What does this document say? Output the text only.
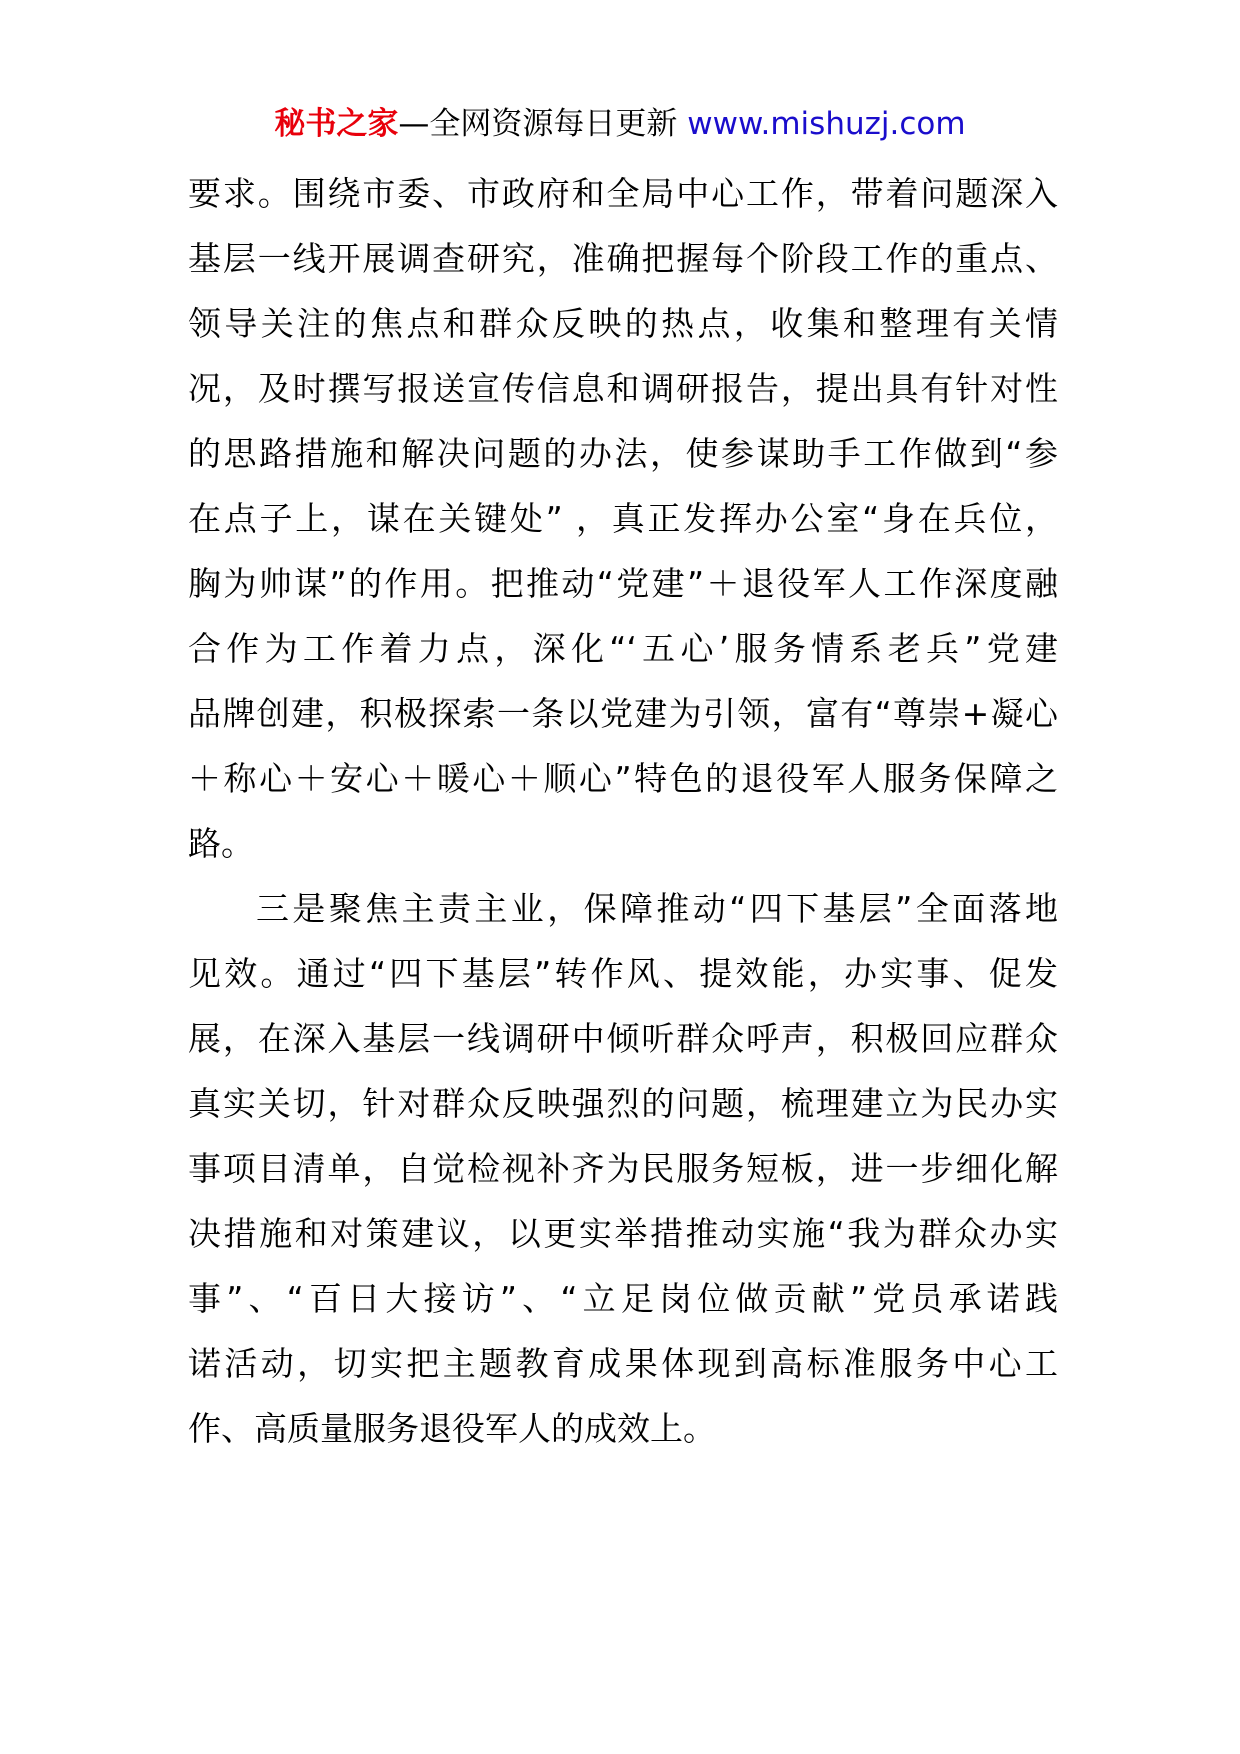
秘书之家—全网资源每日更新 www.mishuzj.com
要求。围绕市委、市政府和全局中心工作，带着问题深入
基层一线开展调查研究，准确把握每个阶段工作的重点、
领导关注的焦点和群众反映的热点，收集和整理有关情
况，及时撰写报送宣传信息和调研报告，提出具有针对性
的思路措施和解决问题的办法，使参谋助手工作做到“参
在点子上，谋在关键处” ，真正发挥办公室“身在兵位，
胸为帅谋”的作用。把推动“党建”＋退役军人工作深度融
合作为工作着力点，深化“‘五心’服务情系老兵”党建
品牌创建，积极探索一条以党建为引领，富有“尊崇+凝心
＋称心＋安心＋暖心＋顺心”特色的退役军人服务保障之
路。
三是聚焦主责主业，保障推动“四下基层”全面落地
见效。通过“四下基层”转作风、提效能，办实事、促发
展，在深入基层一线调研中倾听群众呼声，积极回应群众
真实关切，针对群众反映强烈的问题，梳理建立为民办实
事项目清单，自觉检视补齐为民服务短板，进一步细化解
决措施和对策建议，以更实举措推动实施“我为群众办实
事”、“百日大接访”、“立足岗位做贡献”党员承诺践
诺活动，切实把主题教育成果体现到高标准服务中心工
作、高质量服务退役军人的成效上。
